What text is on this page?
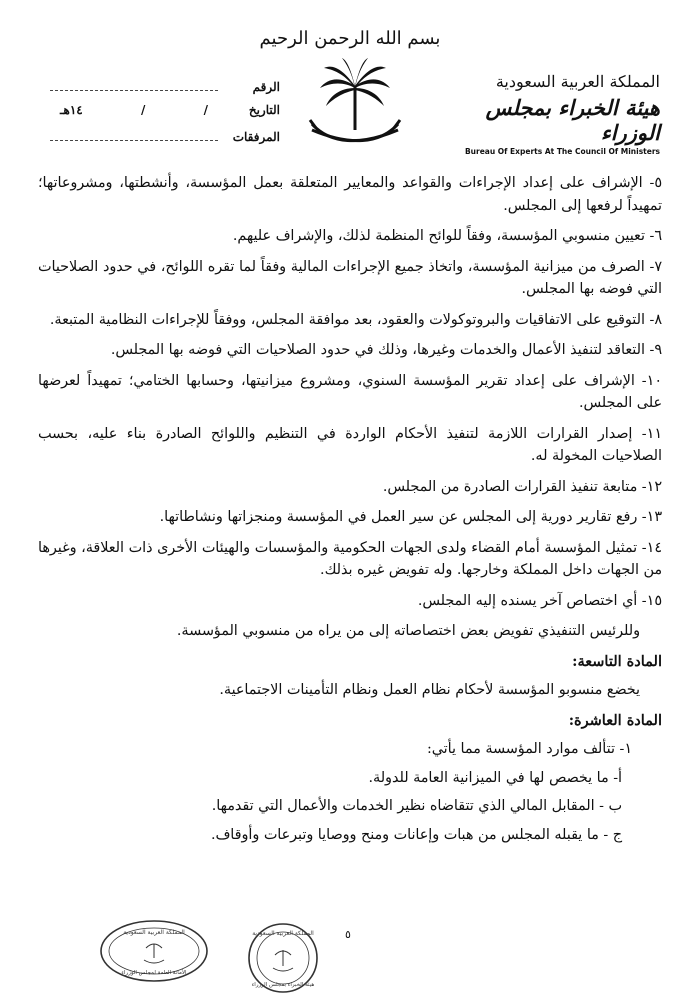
بسم الله الرحمن الرحيم
الرقم
التاريخ
/
/
١٤هـ
المرفقات
المملكة العربية السعودية
هيئة الخبراء بمجلس الوزراء
Bureau Of Experts At The Council Of Ministers
٥- الإشراف على إعداد الإجراءات والقواعد والمعايير المتعلقة بعمل المؤسسة، وأنشطتها، ومشروعاتها؛ تمهيداً لرفعها إلى المجلس.
٦- تعيين منسوبي المؤسسة، وفقاً للوائح المنظمة لذلك، والإشراف عليهم.
٧- الصرف من ميزانية المؤسسة، واتخاذ جميع الإجراءات المالية وفقاً لما تقره اللوائح، في حدود الصلاحيات التي فوضه بها المجلس.
٨- التوقيع على الاتفاقيات والبروتوكولات والعقود، بعد موافقة المجلس، ووفقاً للإجراءات النظامية المتبعة.
٩- التعاقد لتنفيذ الأعمال والخدمات وغيرها، وذلك في حدود الصلاحيات التي فوضه بها المجلس.
١٠- الإشراف على إعداد تقرير المؤسسة السنوي، ومشروع ميزانيتها، وحسابها الختامي؛ تمهيداً لعرضها على المجلس.
١١- إصدار القرارات اللازمة لتنفيذ الأحكام الواردة في التنظيم واللوائح الصادرة بناء عليه، بحسب الصلاحيات المخولة له.
١٢- متابعة تنفيذ القرارات الصادرة من المجلس.
١٣- رفع تقارير دورية إلى المجلس عن سير العمل في المؤسسة ومنجزاتها ونشاطاتها.
١٤- تمثيل المؤسسة أمام القضاء ولدى الجهات الحكومية والمؤسسات والهيئات الأخرى ذات العلاقة، وغيرها من الجهات داخل المملكة وخارجها. وله تفويض غيره بذلك.
١٥- أي اختصاص آخر يسنده إليه المجلس.
وللرئيس التنفيذي تفويض بعض اختصاصاته إلى من يراه من منسوبي المؤسسة.
المادة التاسعة:
يخضع منسوبو المؤسسة لأحكام نظام العمل ونظام التأمينات الاجتماعية.
المادة العاشرة:
١- تتألف موارد المؤسسة مما يأتي:
أ- ما يخصص لها في الميزانية العامة للدولة.
ب - المقابل المالي الذي تتقاضاه نظير الخدمات والأعمال التي تقدمها.
ج - ما يقبله المجلس من هبات وإعانات ومنح ووصايا وتبرعات وأوقاف.
المملكة العربية السعودية
الأمانة العامة لمجلس الوزراء
المملكة العربية السعودية
هيئة الخبراء بمجلس الوزراء
٥
